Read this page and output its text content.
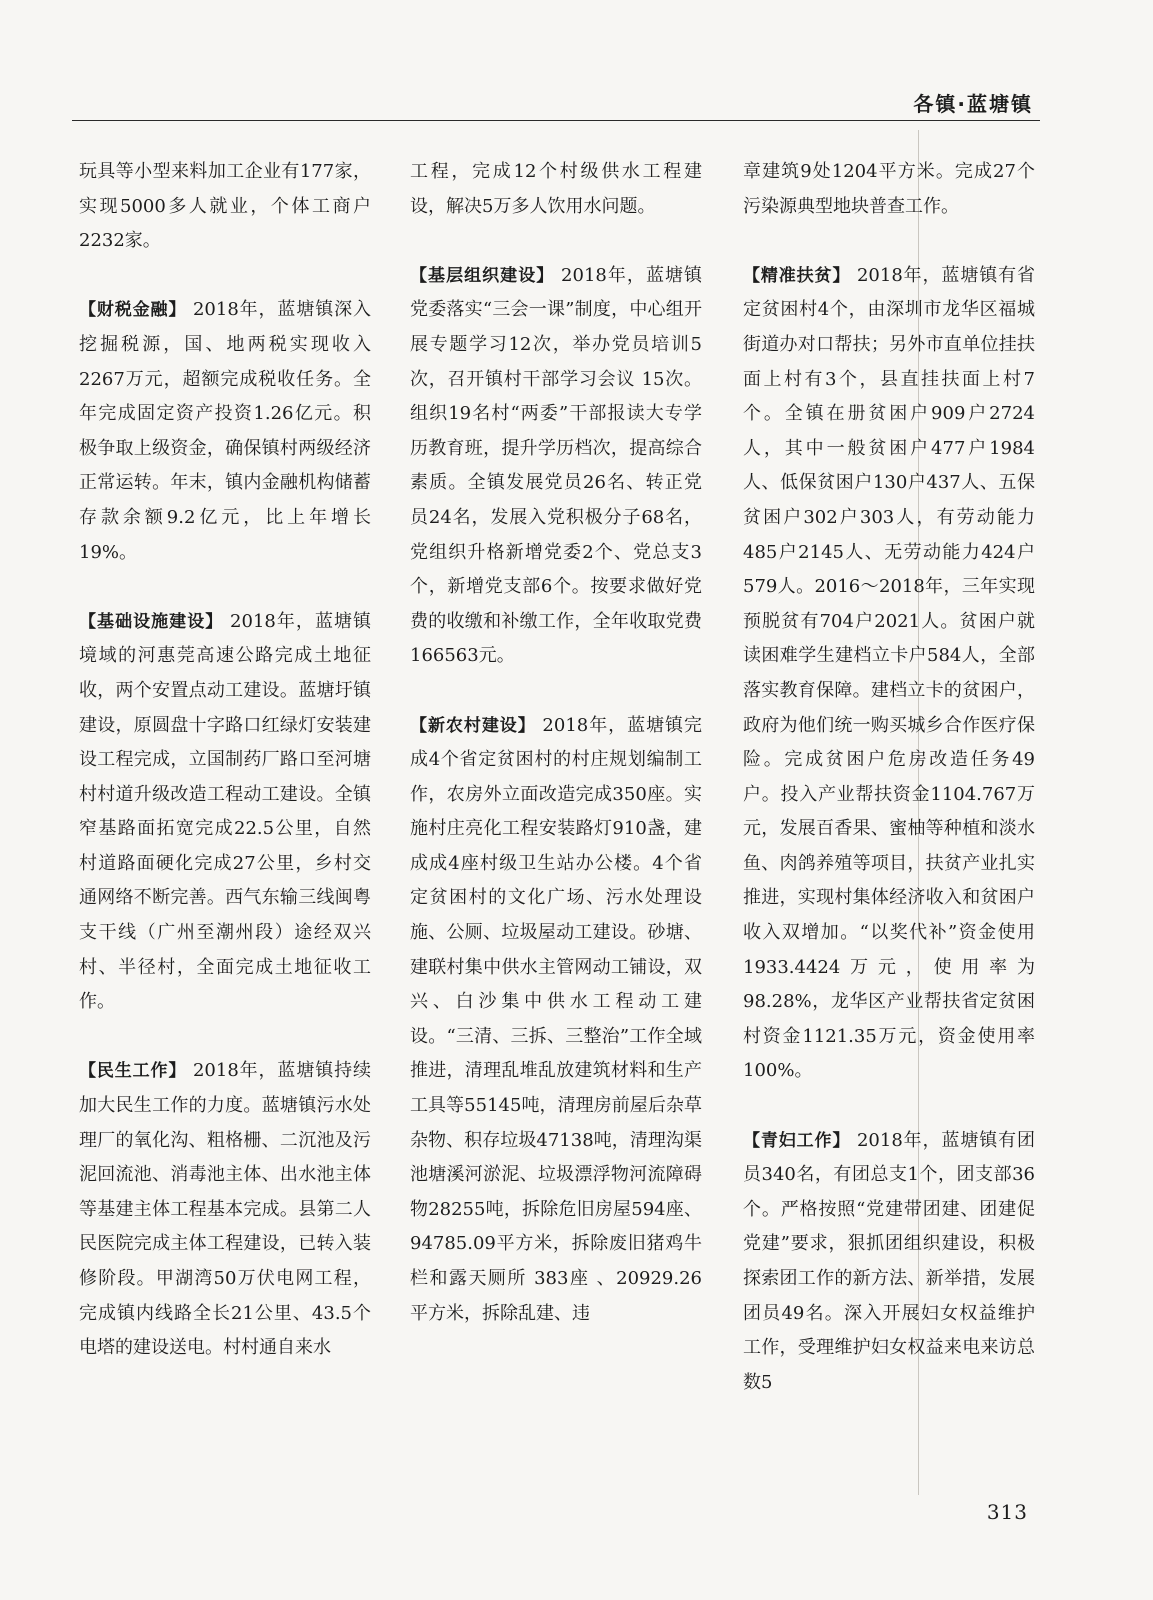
各镇·蓝塘镇

玩具等小型来料加工企业有177家，实现5000多人就业，个体工商户2232家。

【财税金融】 2018年，蓝塘镇深入挖掘税源，国、地两税实现收入2267万元，超额完成税收任务。全年完成固定资产投资1.26亿元。积极争取上级资金，确保镇村两级经济正常运转。年末，镇内金融机构储蓄存款余额9.2亿元，比上年增长19%。

【基础设施建设】 2018年，蓝塘镇境域的河惠莞高速公路完成土地征收，两个安置点动工建设。蓝塘圩镇建设，原圆盘十字路口红绿灯安装建设工程完成，立国制药厂路口至河塘村村道升级改造工程动工建设。全镇窄基路面拓宽完成22.5公里，自然村道路面硬化完成27公里，乡村交通网络不断完善。西气东输三线闽粤支干线（广州至潮州段）途经双兴村、半径村，全面完成土地征收工作。

【民生工作】 2018年，蓝塘镇持续加大民生工作的力度。蓝塘镇污水处理厂的氧化沟、粗格栅、二沉池及污泥回流池、消毒池主体、出水池主体等基建主体工程基本完成。县第二人民医院完成主体工程建设，已转入装修阶段。甲湖湾50万伏电网工程，完成镇内线路全长21公里、43.5个电塔的建设送电。村村通自来水

工程，完成12个村级供水工程建设，解决5万多人饮用水问题。

【基层组织建设】 2018年，蓝塘镇党委落实“三会一课”制度，中心组开展专题学习12次，举办党员培训5次，召开镇村干部学习会议 15次。组织19名村“两委”干部报读大专学历教育班，提升学历档次，提高综合素质。全镇发展党员26名、转正党员24名，发展入党积极分子68名，党组织升格新增党委2个、党总支3个，新增党支部6个。按要求做好党费的收缴和补缴工作，全年收取党费166563元。

【新农村建设】 2018年，蓝塘镇完成4个省定贫困村的村庄规划编制工作，农房外立面改造完成350座。实施村庄亮化工程安装路灯910盏，建成成4座村级卫生站办公楼。4个省定贫困村的文化广场、污水处理设施、公厕、垃圾屋动工建设。砂塘、建联村集中供水主管网动工铺设，双兴、白沙集中供水工程动工建设。“三清、三拆、三整治”工作全域推进，清理乱堆乱放建筑材料和生产工具等55145吨，清理房前屋后杂草杂物、积存垃圾47138吨，清理沟渠池塘溪河淤泥、垃圾漂浮物河流障碍物28255吨，拆除危旧房屋594座、94785.09平方米，拆除废旧猪鸡牛栏和露天厕所 383座 、20929.26平方米，拆除乱建、违

章建筑9处1204平方米。完成27个污染源典型地块普查工作。

【精准扶贫】 2018年，蓝塘镇有省定贫困村4个，由深圳市龙华区福城街道办对口帮扶；另外市直单位挂扶面上村有3个，县直挂扶面上村7个。全镇在册贫困户909户2724人，其中一般贫困户477户1984人、低保贫困户130户437人、五保贫困户302户303人，有劳动能力485户2145人、无劳动能力424户 579人。2016～2018年，三年实现预脱贫有704户2021人。贫困户就读困难学生建档立卡户584人，全部落实教育保障。建档立卡的贫困户，政府为他们统一购买城乡合作医疗保险。完成贫困户危房改造任务49户。投入产业帮扶资金1104.767万元，发展百香果、蜜柚等种植和淡水鱼、肉鸽养殖等项目，扶贫产业扎实推进，实现村集体经济收入和贫困户收入双增加。“以奖代补”资金使用1933.4424万元，使用率为98.28%，龙华区产业帮扶省定贫困村资金1121.35万元，资金使用率100%。

【青妇工作】 2018年，蓝塘镇有团员340名，有团总支1个，团支部36个。严格按照“党建带团建、团建促党建”要求，狠抓团组织建设，积极探索团工作的新方法、新举措，发展团员49名。深入开展妇女权益维护工作，受理维护妇女权益来电来访总数5

313
